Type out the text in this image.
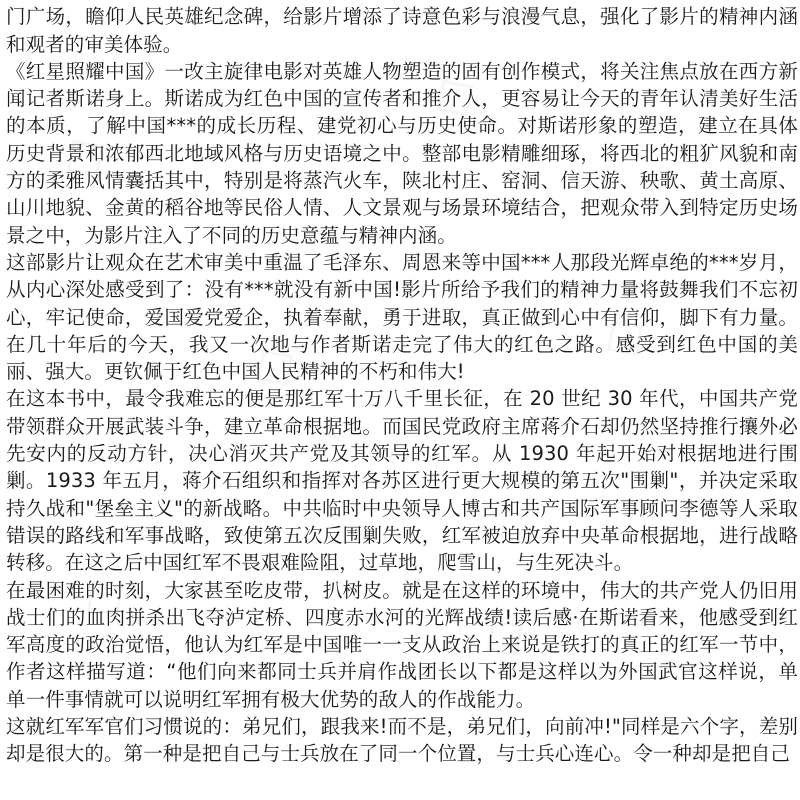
门广场，瞻仰人民英雄纪念碑，给影片增添了诗意色彩与浪漫气息，强化了影片的精神内涵和观者的审美体验。

《红星照耀中国》一改主旋律电影对英雄人物塑造的固有创作模式，将关注焦点放在西方新闻记者斯诺身上。斯诺成为红色中国的宣传者和推介人，更容易让今天的青年认清美好生活的本质，了解中国***的成长历程、建党初心与历史使命。对斯诺形象的塑造，建立在具体历史背景和浓郁西北地域风格与历史语境之中。整部电影精雕细琢，将西北的粗犷风貌和南方的柔雅风情囊括其中，特别是将蒸汽火车，陕北村庄、窑洞、信天游、秧歌、黄土高原、山川地貌、金黄的稻谷地等民俗人情、人文景观与场景环境结合，把观众带入到特定历史场景之中，为影片注入了不同的历史意蕴与精神内涵。

这部影片让观众在艺术审美中重温了毛泽东、周恩来等中国***人那段光辉卓绝的***岁月，从内心深处感受到了：没有***就没有新中国!影片所给予我们的精神力量将鼓舞我们不忘初心，牢记使命，爱国爱党爱企，执着奉献，勇于进取，真正做到心中有信仰，脚下有力量。在几十年后的今天，我又一次地与作者斯诺走完了伟大的红色之路。感受到红色中国的美丽、强大。更钦佩于红色中国人民精神的不朽和伟大!

在这本书中，最令我难忘的便是那红军十万八千里长征，在 20 世纪 30 年代，中国共产党带领群众开展武装斗争，建立革命根据地。而国民党政府主席蒋介石却仍然坚持推行攘外必先安内的反动方针，决心消灭共产党及其领导的红军。从 1930 年起开始对根据地进行围剿。1933 年五月，蒋介石组织和指挥对各苏区进行更大规模的第五次"围剿"，并决定采取持久战和"堡垒主义"的新战略。中共临时中央领导人博古和共产国际军事顾问李德等人采取错误的路线和军事战略，致使第五次反围剿失败，红军被迫放弃中央革命根据地，进行战略转移。在这之后中国红军不畏艰难险阻，过草地，爬雪山，与生死决斗。

在最困难的时刻，大家甚至吃皮带，扒树皮。就是在这样的环境中，伟大的共产党人仍旧用战士们的血肉拼杀出飞夺泸定桥、四度赤水河的光辉战绩!读后感·在斯诺看来，他感受到红军高度的政治觉悟，他认为红军是中国唯一一支从政治上来说是铁打的真正的红军一节中，作者这样描写道：“他们向来都同士兵并肩作战团长以下都是这样以为外国武官这样说，单单一件事情就可以说明红军拥有极大优势的敌人的作战能力。

这就红军军官们习惯说的：弟兄们，跟我来!而不是，弟兄们，向前冲!"同样是六个字，差别却是很大的。第一种是把自己与士兵放在了同一个位置，与士兵心连心。令一种却是把自己

◇
◇
◇	◇
◇	◇
